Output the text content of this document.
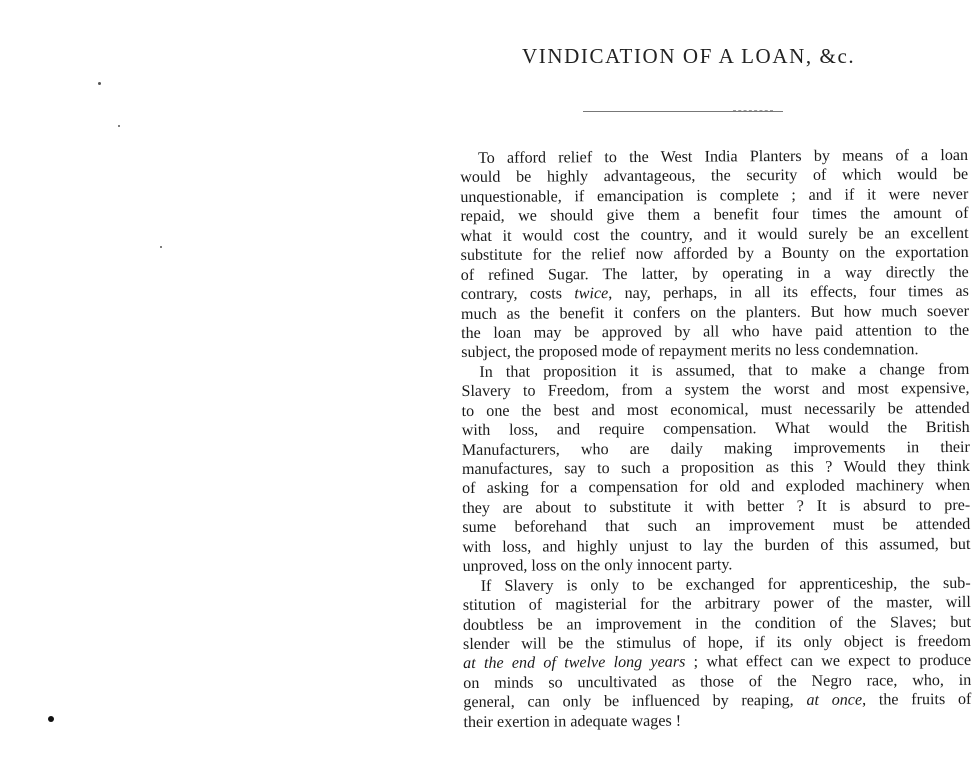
VINDICATION OF A LOAN, &c.
To afford relief to the West India Planters by means of a loan
would be highly advantageous, the security of which would be
unquestionable, if emancipation is complete ; and if it were never
repaid, we should give them a benefit four times the amount of
what it would cost the country, and it would surely be an excellent
substitute for the relief now afforded by a Bounty on the exportation
of refined Sugar. The latter, by operating in a way directly the
contrary, costs twice, nay, perhaps, in all its effects, four times as
much as the benefit it confers on the planters. But how much soever
the loan may be approved by all who have paid attention to the
subject, the proposed mode of repayment merits no less condemnation.
In that proposition it is assumed, that to make a change from
Slavery to Freedom, from a system the worst and most expensive,
to one the best and most economical, must necessarily be attended
with loss, and require compensation. What would the British
Manufacturers, who are daily making improvements in their
manufactures, say to such a proposition as this ? Would they think
of asking for a compensation for old and exploded machinery when
they are about to substitute it with better ? It is absurd to pre-
sume beforehand that such an improvement must be attended
with loss, and highly unjust to lay the burden of this assumed, but
unproved, loss on the only innocent party.
If Slavery is only to be exchanged for apprenticeship, the sub-
stitution of magisterial for the arbitrary power of the master, will
doubtless be an improvement in the condition of the Slaves; but
slender will be the stimulus of hope, if its only object is freedom
at the end of twelve long years ; what effect can we expect to produce
on minds so uncultivated as those of the Negro race, who, in
general, can only be influenced by reaping, at once, the fruits of
their exertion in adequate wages !
